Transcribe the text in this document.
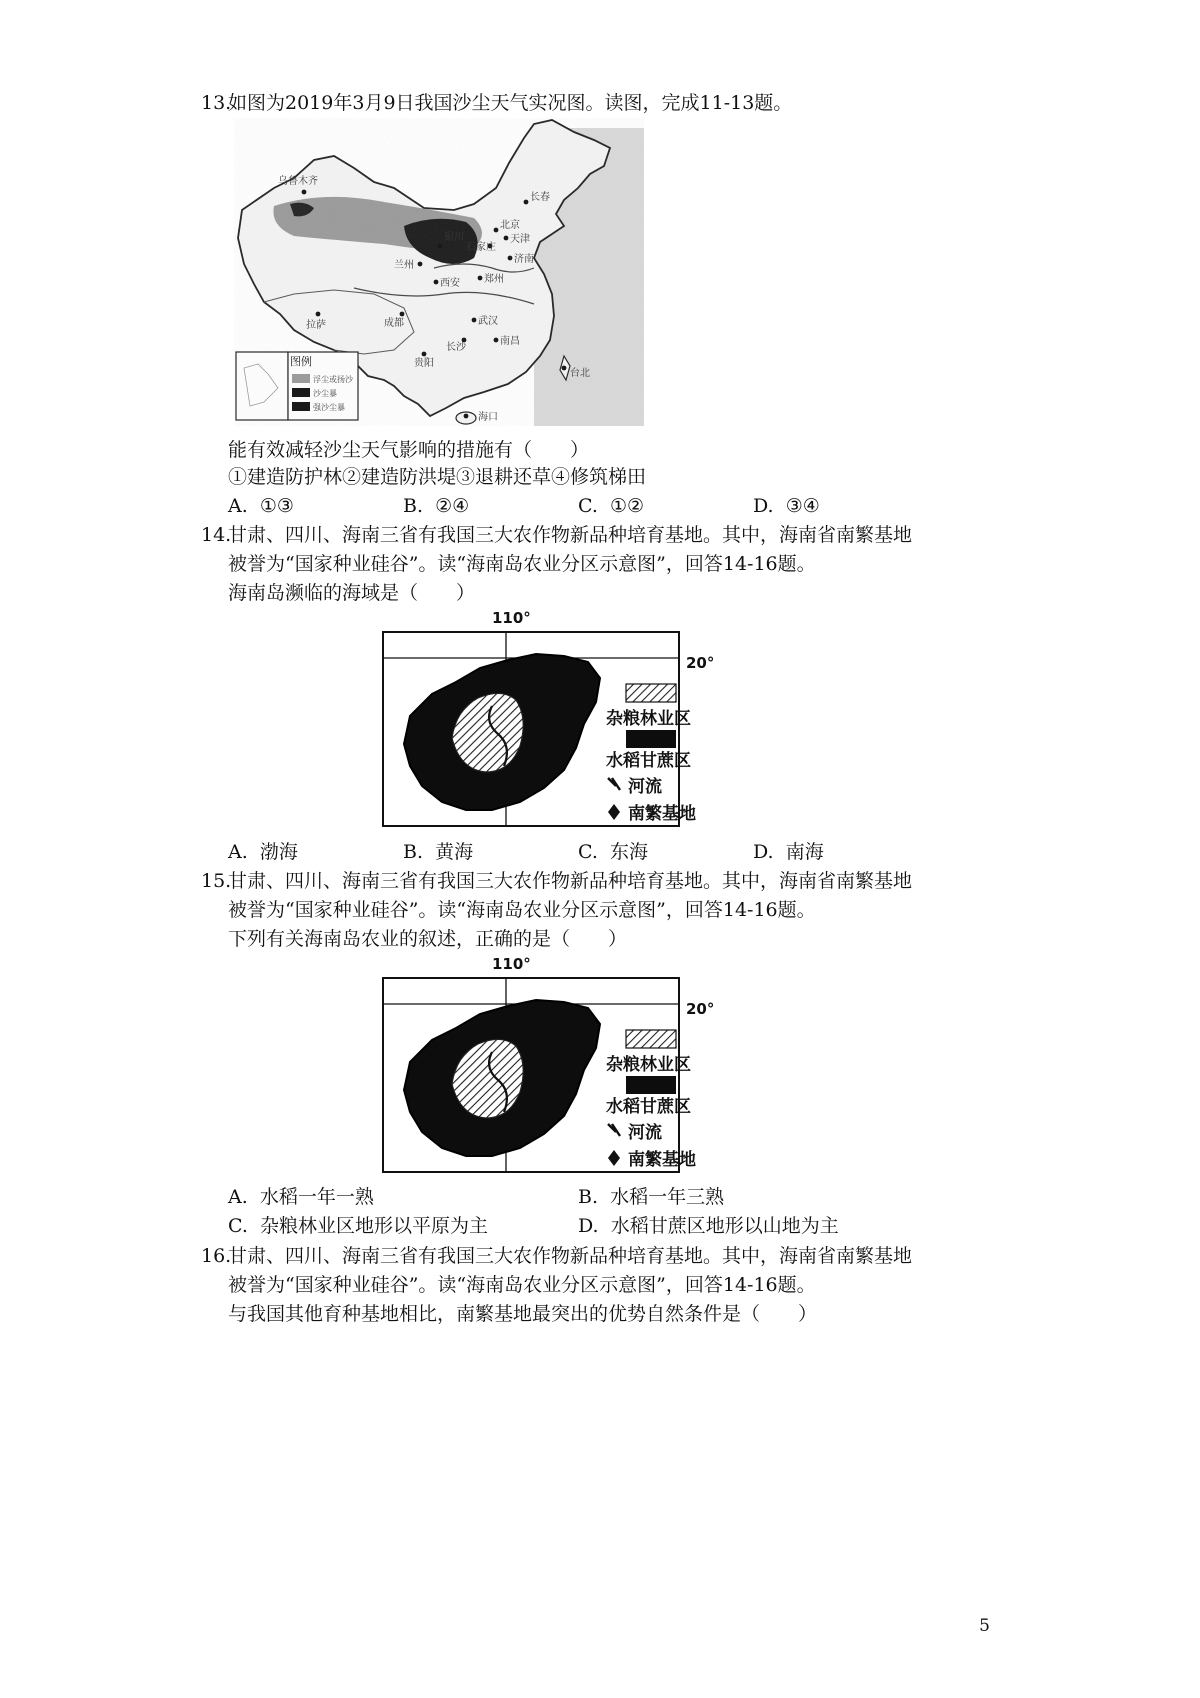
13.
如图为2019年3月9日我国沙尘天气实况图。读图，完成11-13题。
能有效减轻沙尘天气影响的措施有（　　）
①建造防护林②建造防洪堤③退耕还草④修筑梯田
A. ①③	B. ②④	C. ①②	D. ③④
14.
甘肃、四川、海南三省有我国三大农作物新品种培育基地。其中，海南省南繁基地
被誉为“国家种业硅谷”。读“海南岛农业分区示意图”，回答14-16题。
海南岛濒临的海域是（　　）
110°
20°
杂粮林业区
水稻甘蔗区
河流
南繁基地
A. 渤海	B. 黄海	C. 东海	D. 南海
15.
甘肃、四川、海南三省有我国三大农作物新品种培育基地。其中，海南省南繁基地
被誉为“国家种业硅谷”。读“海南岛农业分区示意图”，回答14-16题。
下列有关海南岛农业的叙述，正确的是（　　）
110°
20°
杂粮林业区
水稻甘蔗区
河流
南繁基地
A. 水稻一年一熟	B. 水稻一年三熟
C. 杂粮林业区地形以平原为主	D. 水稻甘蔗区地形以山地为主
16.
甘肃、四川、海南三省有我国三大农作物新品种培育基地。其中，海南省南繁基地
被誉为“国家种业硅谷”。读“海南岛农业分区示意图”，回答14-16题。
与我国其他育种基地相比，南繁基地最突出的优势自然条件是（　　）
5
